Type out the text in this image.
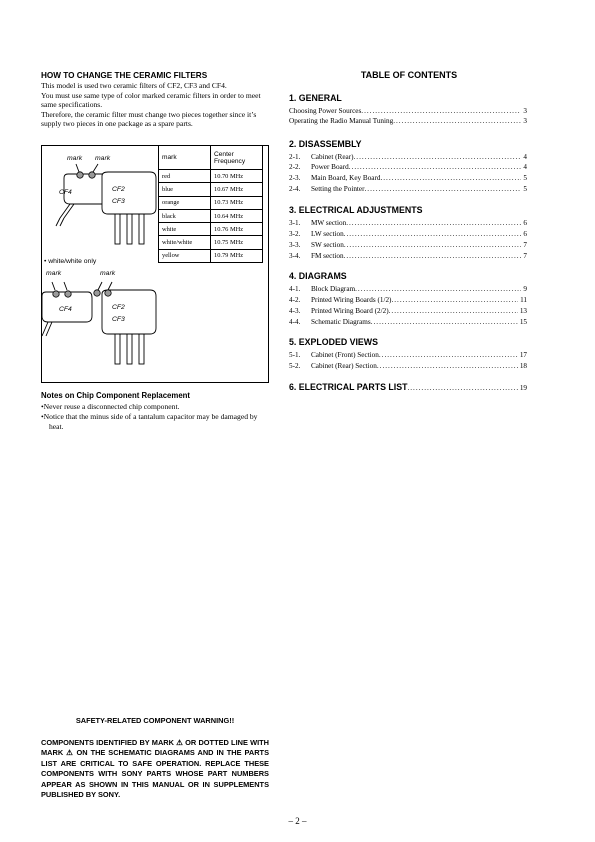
HOW TO CHANGE THE CERAMIC FILTERS

This model is used two ceramic filters of CF2, CF3 and CF4.

You must use same type of color marked ceramic filters in order to meet same specifications.

Therefore, the ceramic filter must change two pieces together since it’s supply two pieces in one package as a spare parts.

mark mark
CF4	CF2
CF3
• white/white only
mark	mark
CF4	CF2
CF3
mark	Center Frequency
red	10.70 MHz
blue	10.67 MHz
orange	10.73 MHz
black	10.64 MHz
white	10.76 MHz
white/white	10.75 MHz
yellow	10.79 MHz
Notes on Chip Component Replacement
•Never reuse a disconnected chip component.
•Notice that the minus side of a tantalum capacitor may be damaged by heat.
SAFETY-RELATED COMPONENT WARNING!!
COMPONENTS IDENTIFIED BY MARK ⚠ OR DOTTED LINE WITH MARK ⚠ ON THE SCHEMATIC DIAGRAMS AND IN THE PARTS LIST ARE CRITICAL TO SAFE OPERATION. REPLACE THESE COMPONENTS WITH SONY PARTS WHOSE PART NUMBERS APPEAR AS SHOWN IN THIS MANUAL OR IN SUPPLEMENTS PUBLISHED BY SONY.
TABLE OF CONTENTS
1. GENERAL
Choosing Power Sources . . .	3
Operating the Radio Manual Tuning . . .	3
2. DISASSEMBLY
2-1.	Cabinet (Rear) . . .	4
2-2.	Power Board . . .	4
2-3.	Main Board, Key Board . . .	5
2-4.	Setting the Pointer . . .	5
3. ELECTRICAL ADJUSTMENTS
3-1.	MW section . . .	6
3-2.	LW section . . .	6
3-3.	SW section . . .	7
3-4.	FM section . . .	7
4. DIAGRAMS
4-1.	Block Diagram . . .	9
4-2.	Printed Wiring Boards (1/2) . . .	11
4-3.	Printed Wiring Board (2/2) . . .	13
4-4.	Schematic Diagrams . . .	15
5. EXPLODED VIEWS
5-1.	Cabinet (Front) Section . . .	17
5-2.	Cabinet (Rear) Section . . .	18
6. ELECTRICAL PARTS LIST . . .	19
– 2 –
